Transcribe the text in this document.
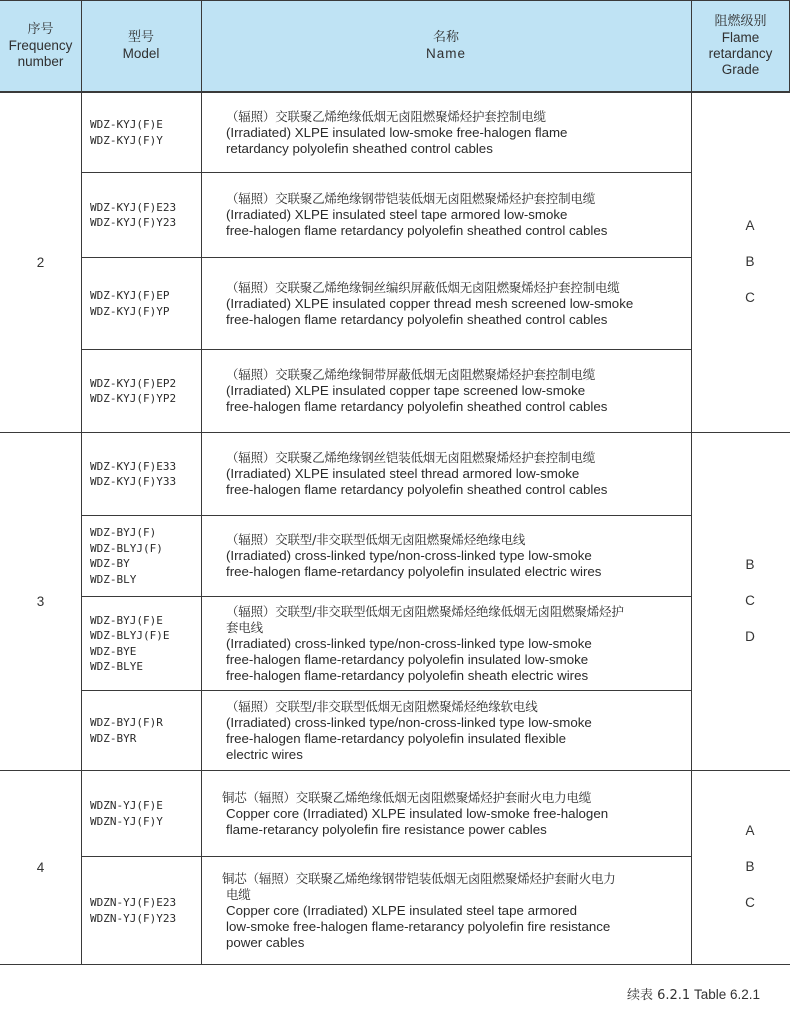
序号
Frequency
number
型号
Model
名称
Name
阻燃级别
Flame
retardancy
Grade
2
3
4
A
B
C
B
C
D
A
B
C
WDZ-KYJ(F)E
WDZ-KYJ(F)Y
（辐照）交联聚乙烯绝缘低烟无卤阻燃聚烯烃护套控制电缆
(Irradiated) XLPE insulated low-smoke free-halogen flame
retardancy polyolefin sheathed control cables
WDZ-KYJ(F)E23
WDZ-KYJ(F)Y23
（辐照）交联聚乙烯绝缘钢带铠装低烟无卤阻燃聚烯烃护套控制电缆
(Irradiated) XLPE insulated steel tape armored low-smoke
free-halogen flame retardancy polyolefin sheathed control cables
WDZ-KYJ(F)EP
WDZ-KYJ(F)YP
（辐照）交联聚乙烯绝缘铜丝编织屏蔽低烟无卤阻燃聚烯烃护套控制电缆
(Irradiated) XLPE insulated copper thread mesh screened low-smoke
free-halogen flame retardancy polyolefin sheathed control cables
WDZ-KYJ(F)EP2
WDZ-KYJ(F)YP2
（辐照）交联聚乙烯绝缘铜带屏蔽低烟无卤阻燃聚烯烃护套控制电缆
(Irradiated) XLPE insulated copper tape screened low-smoke
free-halogen flame retardancy polyolefin sheathed control cables
WDZ-KYJ(F)E33
WDZ-KYJ(F)Y33
（辐照）交联聚乙烯绝缘钢丝铠装低烟无卤阻燃聚烯烃护套控制电缆
(Irradiated) XLPE insulated steel thread armored low-smoke
free-halogen flame retardancy polyolefin sheathed control cables
WDZ-BYJ(F)
WDZ-BLYJ(F)
WDZ-BY
WDZ-BLY
（辐照）交联型/非交联型低烟无卤阻燃聚烯烃绝缘电线
(Irradiated) cross-linked type/non-cross-linked type low-smoke
free-halogen flame-retardancy polyolefin insulated electric wires
WDZ-BYJ(F)E
WDZ-BLYJ(F)E
WDZ-BYE
WDZ-BLYE
（辐照）交联型/非交联型低烟无卤阻燃聚烯烃绝缘低烟无卤阻燃聚烯烃护
套电线
(Irradiated) cross-linked type/non-cross-linked type low-smoke
free-halogen flame-retardancy polyolefin insulated low-smoke
free-halogen flame-retardancy polyolefin sheath electric wires
WDZ-BYJ(F)R
WDZ-BYR
（辐照）交联型/非交联型低烟无卤阻燃聚烯烃绝缘软电线
(Irradiated) cross-linked type/non-cross-linked type low-smoke
free-halogen flame-retardancy polyolefin insulated flexible
electric wires
WDZN-YJ(F)E
WDZN-YJ(F)Y
铜芯（辐照）交联聚乙烯绝缘低烟无卤阻燃聚烯烃护套耐火电力电缆
Copper core (Irradiated) XLPE insulated low-smoke free-halogen
flame-retarancy polyolefin fire resistance power cables
WDZN-YJ(F)E23
WDZN-YJ(F)Y23
铜芯（辐照）交联聚乙烯绝缘钢带铠装低烟无卤阻燃聚烯烃护套耐火电力
电缆
Copper core (Irradiated) XLPE insulated steel tape armored
low-smoke free-halogen flame-retarancy polyolefin fire resistance
power cables
续表 6.2.1 Table 6.2.1
